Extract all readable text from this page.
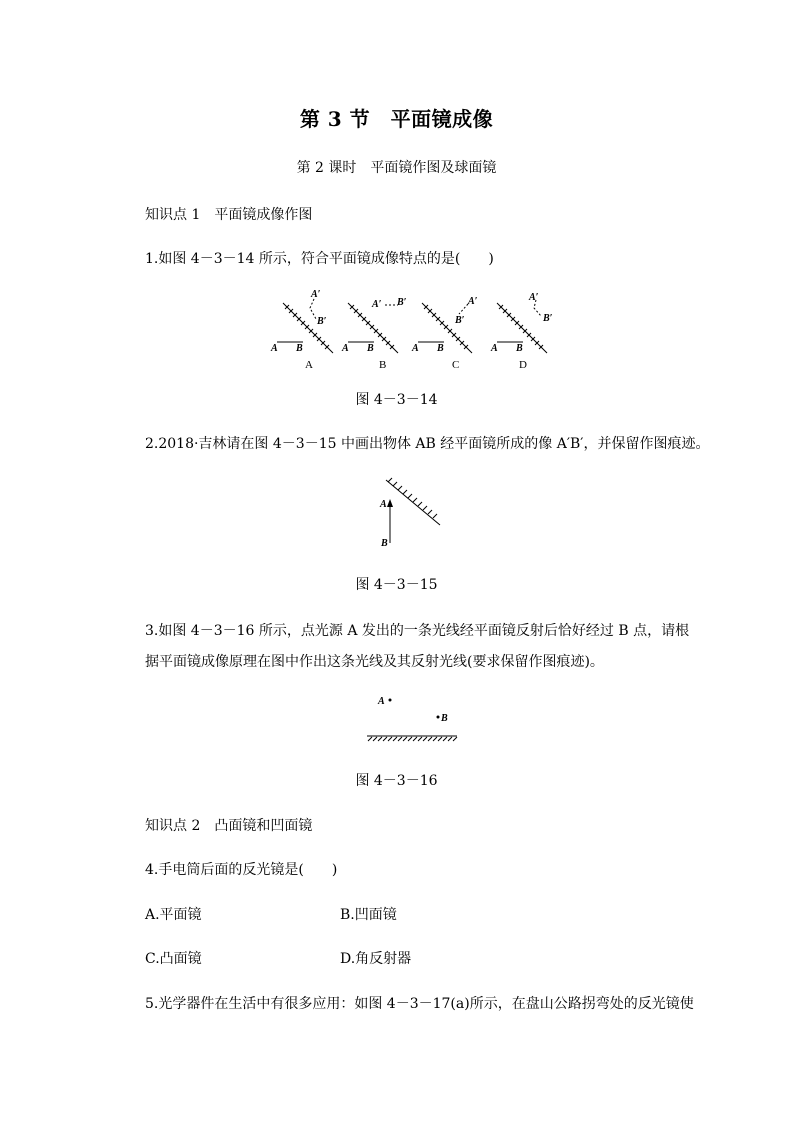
第 3 节　平面镜成像
第 2 课时　平面镜作图及球面镜
知识点 1　平面镜成像作图
1.如图 4－3－14 所示，符合平面镜成像特点的是(　　)
A B
A′
B′
A
A B
A′ B′
B
A B
A′
B′
C
A B
A′
B′
D
图 4－3－14
2.2018·吉林请在图 4－3－15 中画出物体 AB 经平面镜所成的像 A′B′，并保留作图痕迹。
A
B
图 4－3－15
3.如图 4－3－16 所示，点光源 A 发出的一条光线经平面镜反射后恰好经过 B 点，请根
据平面镜成像原理在图中作出这条光线及其反射光线(要求保留作图痕迹)。
A
B
图 4－3－16
知识点 2　凸面镜和凹面镜
4.手电筒后面的反光镜是(　　)
A.平面镜	B.凹面镜
C.凸面镜	D.角反射器
5.光学器件在生活中有很多应用：如图 4－3－17(a)所示，在盘山公路拐弯处的反光镜使
